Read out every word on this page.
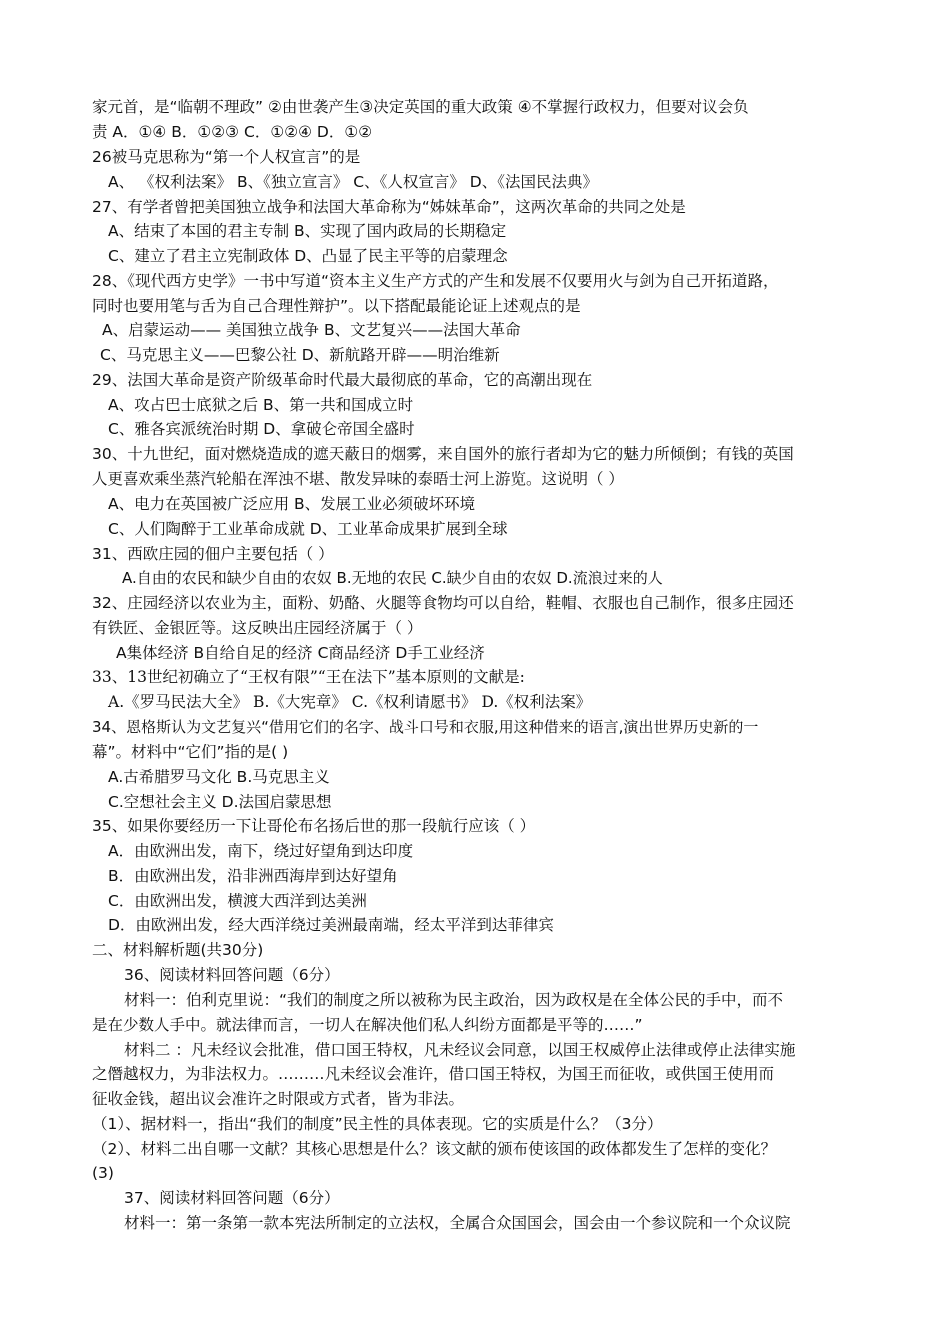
家元首，是“临朝不理政” ②由世袭产生③决定英国的重大政策 ④不掌握行政权力，但要对议会负
责 A．①④ B．①②③ C．①②④ D．①②
26被马克思称为“第一个人权宣言”的是
A、 《权利法案》 B、《独立宣言》 C、《人权宣言》 D、《法国民法典》
27、有学者曾把美国独立战争和法国大革命称为“姊妹革命”，这两次革命的共同之处是
A、结束了本国的君主专制 B、实现了国内政局的长期稳定
C、建立了君主立宪制政体 D、凸显了民主平等的启蒙理念
28、《现代西方史学》一书中写道“资本主义生产方式的产生和发展不仅要用火与剑为自己开拓道路，
同时也要用笔与舌为自己合理性辩护”。以下搭配最能论证上述观点的是
A、启蒙运动—— 美国独立战争 B、文艺复兴——法国大革命
C、马克思主义——巴黎公社 D、新航路开辟——明治维新
29、法国大革命是资产阶级革命时代最大最彻底的革命，它的高潮出现在
A、攻占巴士底狱之后 B、第一共和国成立时
C、雅各宾派统治时期 D、拿破仑帝国全盛时
30、十九世纪，面对燃烧造成的遮天蔽日的烟雾，来自国外的旅行者却为它的魅力所倾倒；有钱的英国
人更喜欢乘坐蒸汽轮船在浑浊不堪、散发异味的泰晤士河上游览。这说明（ ）
A、电力在英国被广泛应用 B、发展工业必须破坏环境
C、人们陶醉于工业革命成就 D、工业革命成果扩展到全球
31、西欧庄园的佃户主要包括（ ）
A.自由的农民和缺少自由的农奴 B.无地的农民 C.缺少自由的农奴 D.流浪过来的人
32、庄园经济以农业为主，面粉、奶酪、火腿等食物均可以自给，鞋帽、衣服也自己制作，很多庄园还
有铁匠、金银匠等。这反映出庄园经济属于（ ）
A集体经济 B自给自足的经济 C商品经济 D手工业经济
33、13世纪初确立了“王权有限”“王在法下”基本原则的文献是:
A.《罗马民法大全》 B.《大宪章》 C.《权利请愿书》 D.《权利法案》
34、恩格斯认为文艺复兴“借用它们的名字、战斗口号和衣服,用这种借来的语言,演出世界历史新的一
幕”。材料中“它们”指的是( )
A.古希腊罗马文化 B.马克思主义
C.空想社会主义 D.法国启蒙思想
35、如果你要经历一下让哥伦布名扬后世的那一段航行应该（ ）
A．由欧洲出发，南下，绕过好望角到达印度
B．由欧洲出发，沿非洲西海岸到达好望角
C．由欧洲出发，横渡大西洋到达美洲
D．由欧洲出发，经大西洋绕过美洲最南端，经太平洋到达菲律宾
二、材料解析题(共30分)
36、阅读材料回答问题（6分）
材料一：伯利克里说：“我们的制度之所以被称为民主政治，因为政权是在全体公民的手中，而不
是在少数人手中。就法律而言，一切人在解决他们私人纠纷方面都是平等的……”
材料二 ：凡未经议会批准，借口国王特权，凡未经议会同意，以国王权威停止法律或停止法律实施
之僭越权力，为非法权力。………凡未经议会准许，借口国王特权，为国王而征收，或供国王使用而
征收金钱，超出议会准许之时限或方式者，皆为非法。
（1）、据材料一，指出“我们的制度”民主性的具体表现。它的实质是什么？（3分）
（2）、材料二出自哪一文献？其核心思想是什么？该文献的颁布使该国的政体都发生了怎样的变化？
(3)
37、阅读材料回答问题（6分）
材料一：第一条第一款本宪法所制定的立法权，全属合众国国会，国会由一个参议院和一个众议院
